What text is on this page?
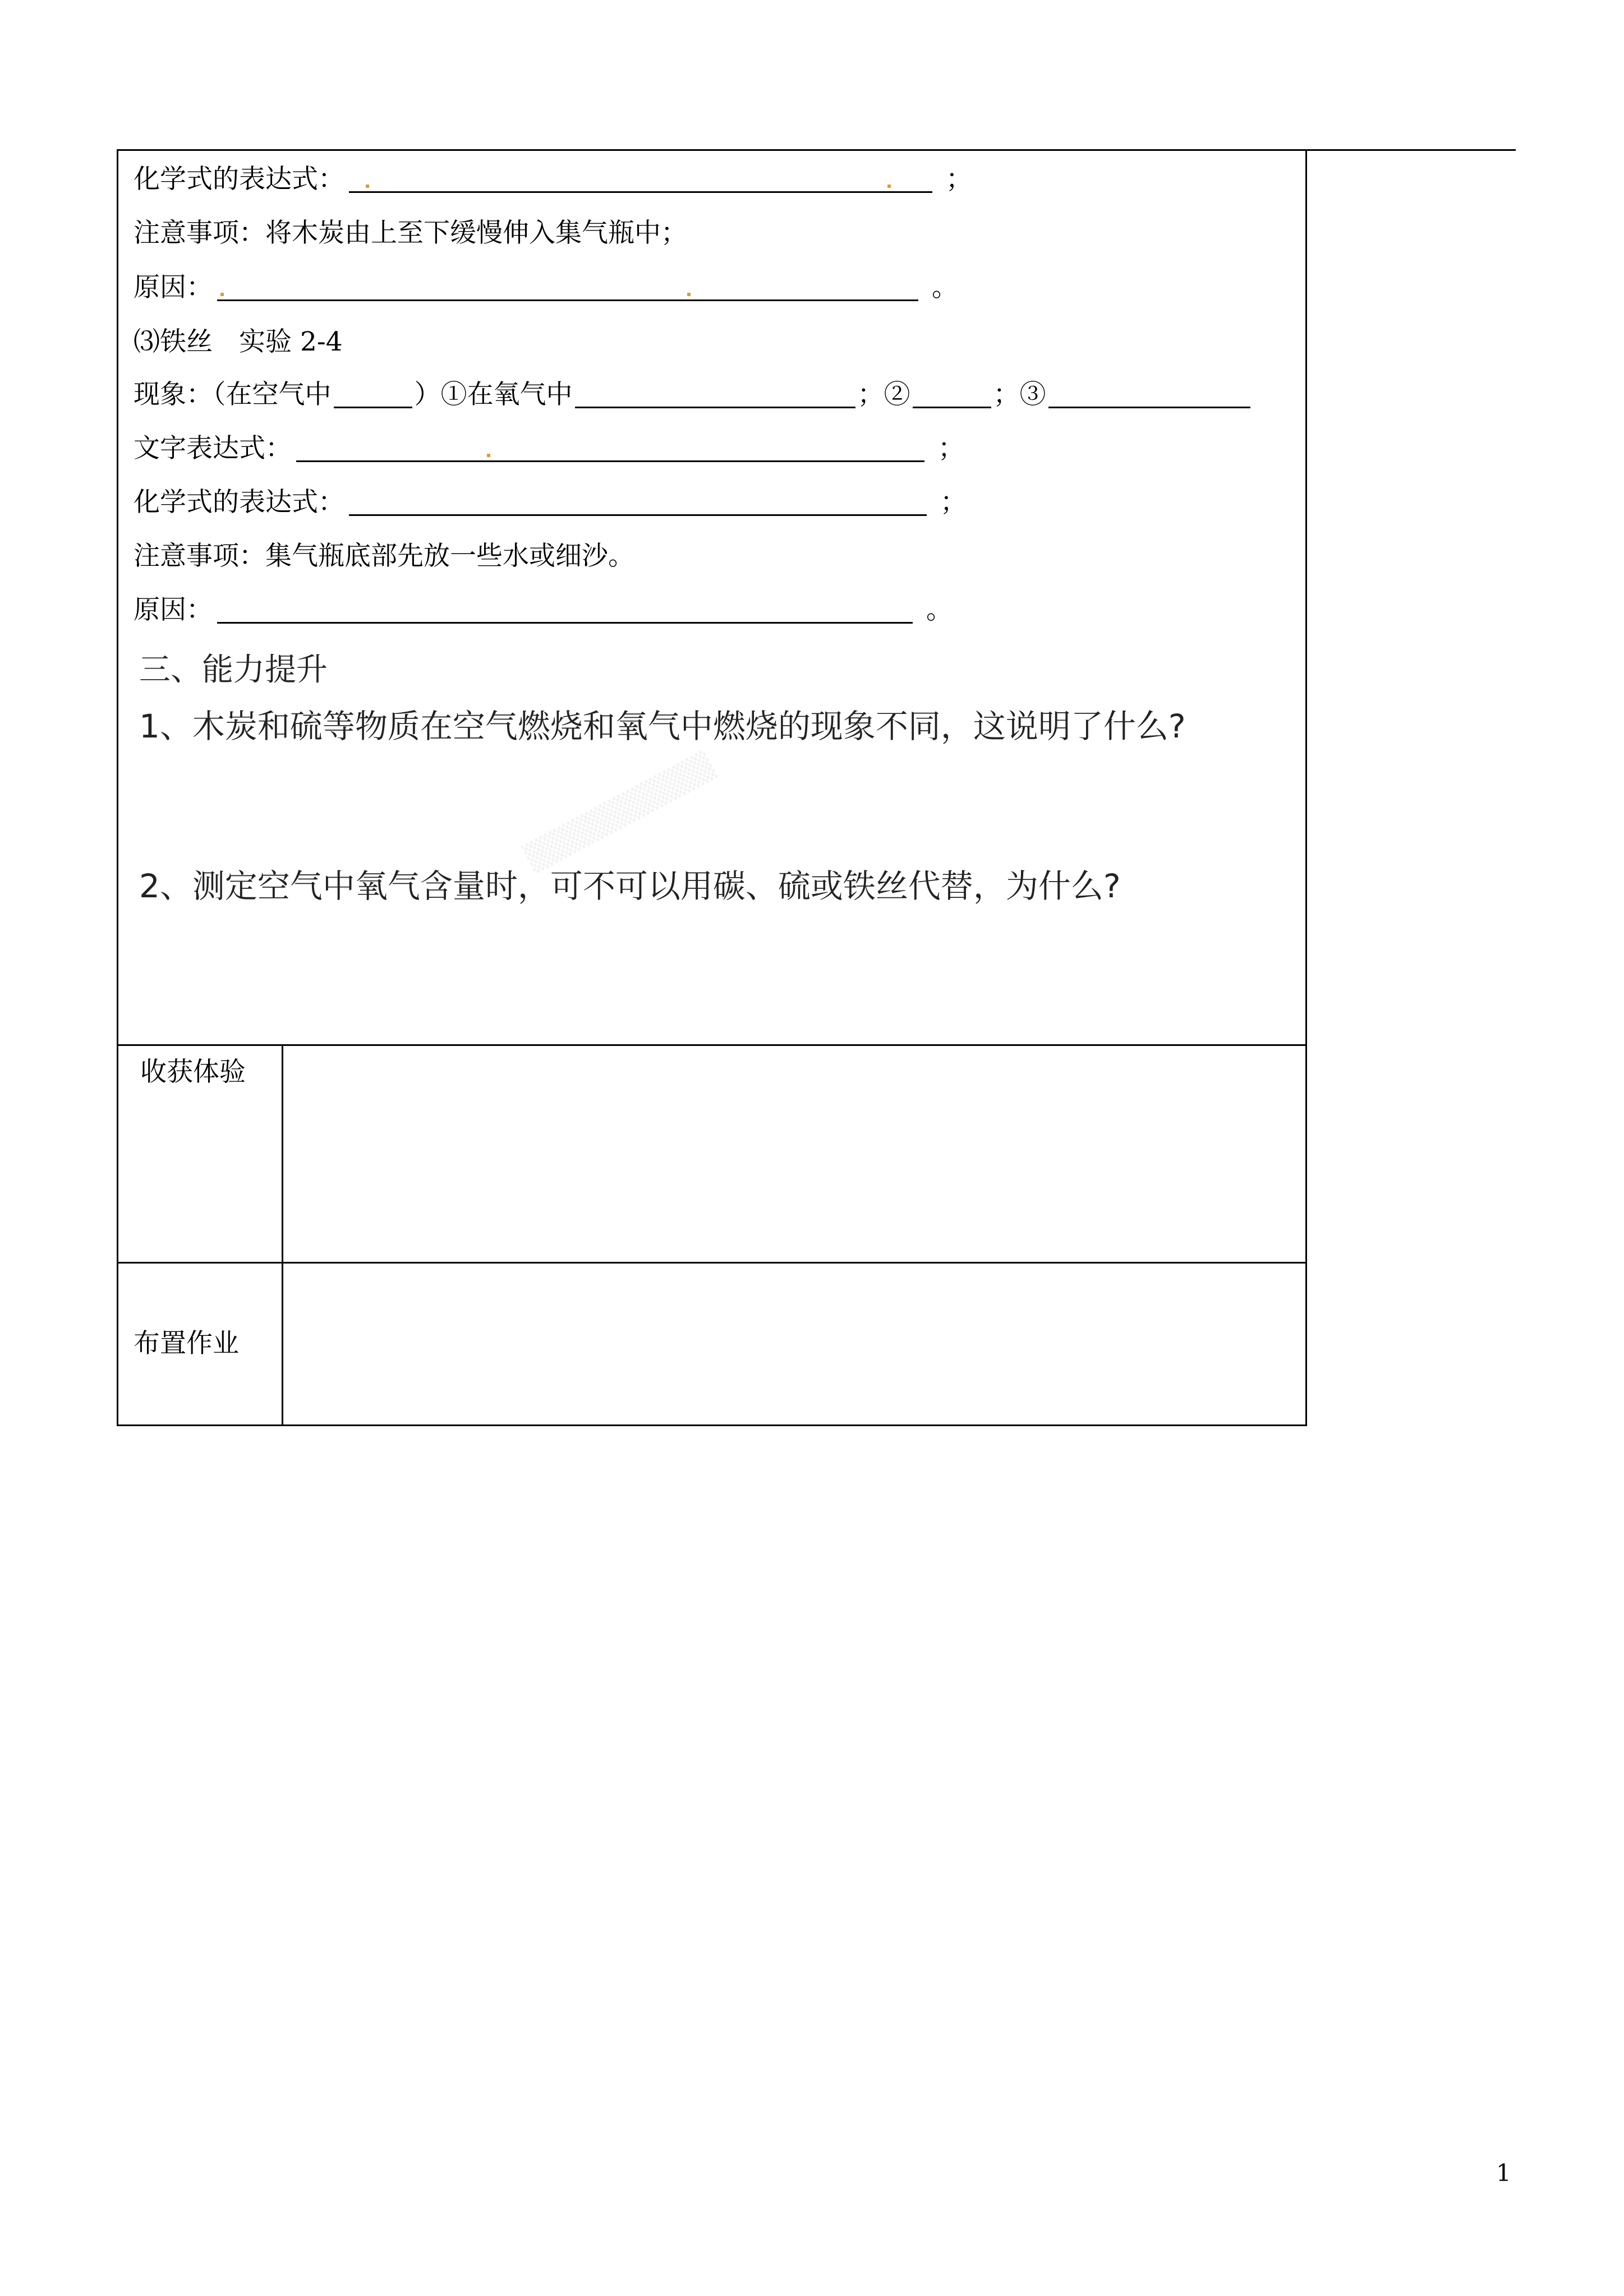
化学式的表达式：	；
注意事项：将木炭由上至下缓慢伸入集气瓶中；
原因：	。
⑶铁丝　实验 2-4
现象：（在空气中	）①在氧气中	；②	；③
文字表达式：	；
化学式的表达式：	；
注意事项：集气瓶底部先放一些水或细沙。
原因：	。
三、能力提升
1、木炭和硫等物质在空气燃烧和氧气中燃烧的现象不同，这说明了什么?
2、测定空气中氧气含量时，可不可以用碳、硫或铁丝代替，为什么?
▒▒▒▒▒▒▒▒▒▒
收获体验
布置作业
1
